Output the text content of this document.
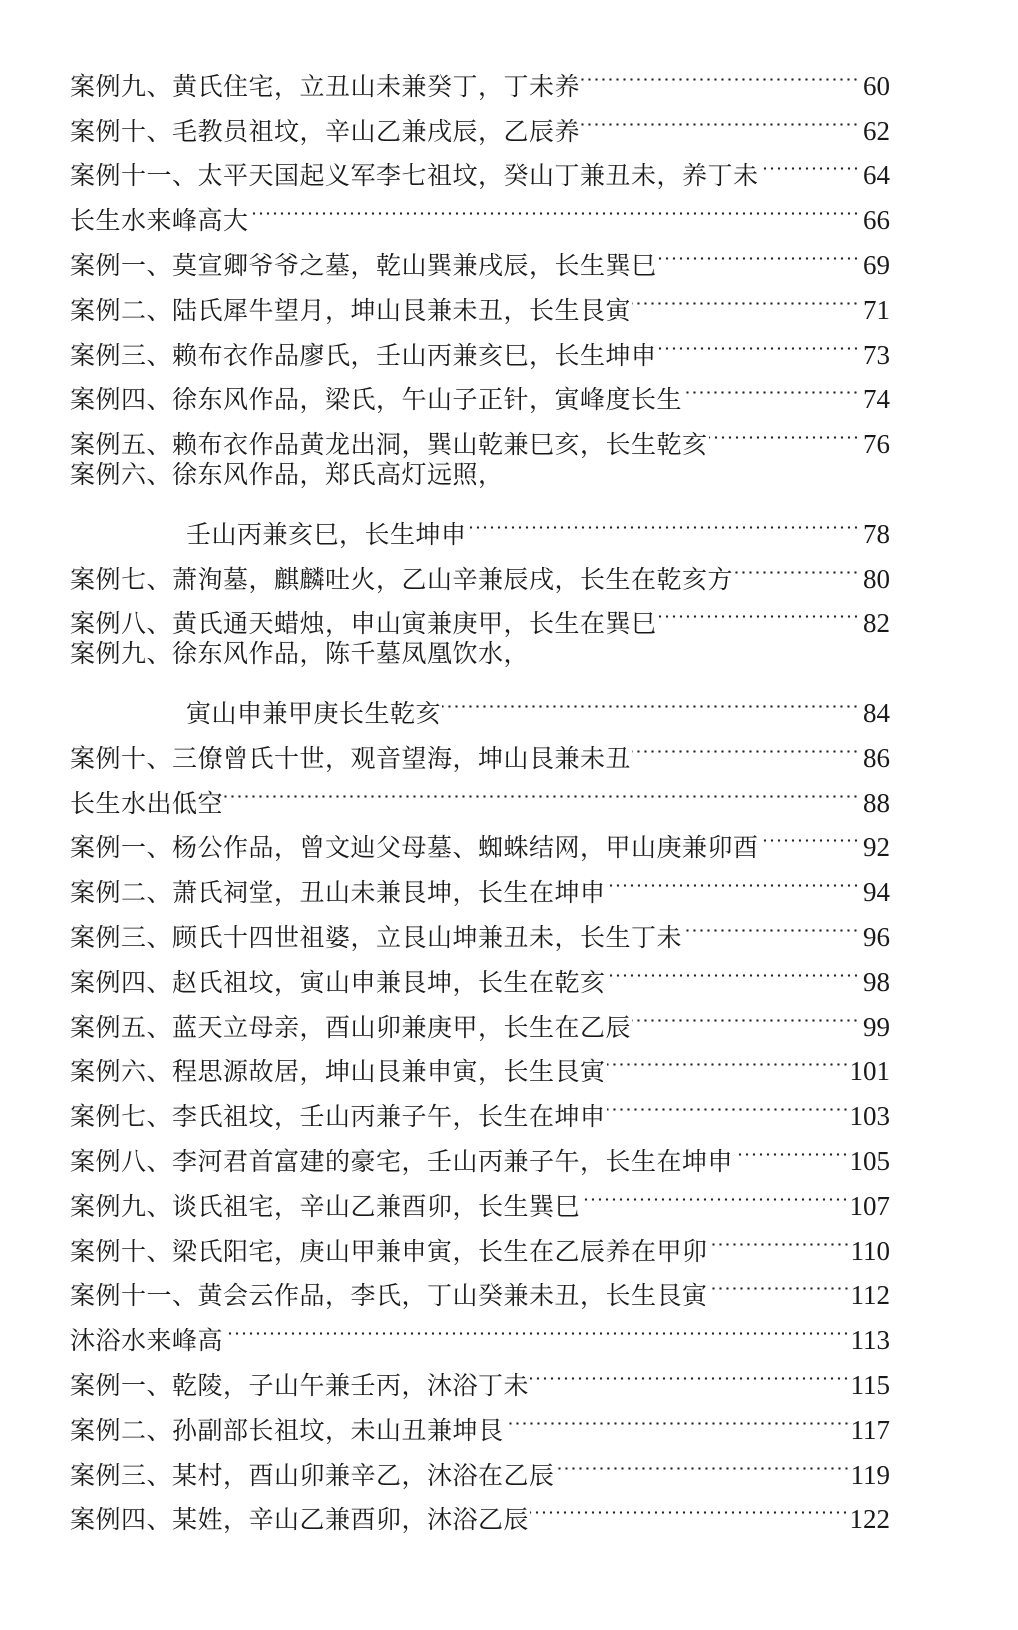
案例九、黄氏住宅，立丑山未兼癸丁，丁未养	60
案例十、毛教员祖坟，辛山乙兼戌辰，乙辰养	62
案例十一、太平天国起义军李七祖坟，癸山丁兼丑未，养丁未	64
长生水来峰高大	66
案例一、莫宣卿爷爷之墓，乾山巽兼戌辰，长生巽巳	69
案例二、陆氏犀牛望月，坤山艮兼未丑，长生艮寅	71
案例三、赖布衣作品廖氏，壬山丙兼亥巳，长生坤申	73
案例四、徐东风作品，梁氏，午山子正针，寅峰度长生	74
案例五、赖布衣作品黄龙出洞，巽山乾兼巳亥，长生乾亥	76
案例六、徐东风作品，郑氏高灯远照，
壬山丙兼亥巳，长生坤申	78
案例七、萧洵墓，麒麟吐火，乙山辛兼辰戌，长生在乾亥方	80
案例八、黄氏通天蜡烛，申山寅兼庚甲，长生在巽巳	82
案例九、徐东风作品，陈千墓凤凰饮水，
寅山申兼甲庚长生乾亥	84
案例十、三僚曾氏十世，观音望海，坤山艮兼未丑	86
长生水出低空	88
案例一、杨公作品，曾文辿父母墓、蜘蛛结网，甲山庚兼卯酉	92
案例二、萧氏祠堂，丑山未兼艮坤，长生在坤申	94
案例三、顾氏十四世祖婆，立艮山坤兼丑未，长生丁未	96
案例四、赵氏祖坟，寅山申兼艮坤，长生在乾亥	98
案例五、蓝天立母亲，酉山卯兼庚甲，长生在乙辰	99
案例六、程思源故居，坤山艮兼申寅，长生艮寅	101
案例七、李氏祖坟，壬山丙兼子午，长生在坤申	103
案例八、李河君首富建的豪宅，壬山丙兼子午，长生在坤申	105
案例九、谈氏祖宅，辛山乙兼酉卯，长生巽巳	107
案例十、梁氏阳宅，庚山甲兼申寅，长生在乙辰养在甲卯	110
案例十一、黄会云作品，李氏，丁山癸兼未丑，长生艮寅	112
沐浴水来峰高	113
案例一、乾陵，子山午兼壬丙，沐浴丁未	115
案例二、孙副部长祖坟，未山丑兼坤艮	117
案例三、某村，酉山卯兼辛乙，沐浴在乙辰	119
案例四、某姓，辛山乙兼酉卯，沐浴乙辰	122
